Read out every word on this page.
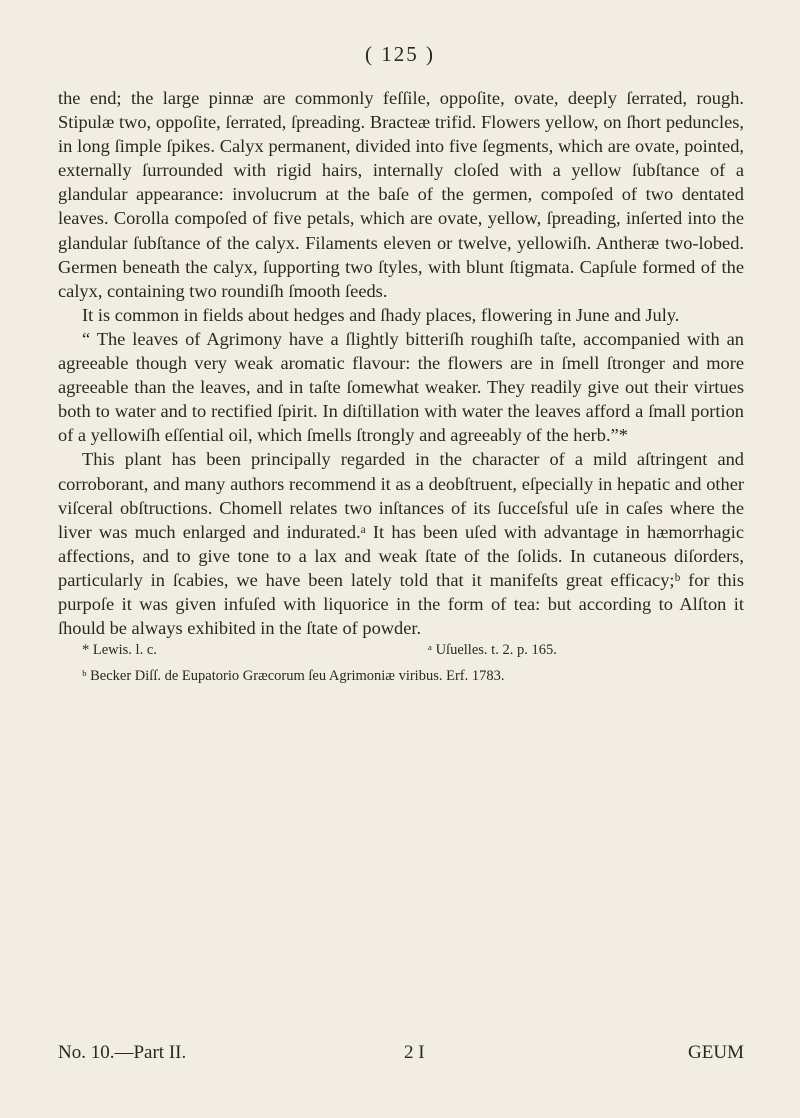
( 125 )

the end; the large pinnæ are commonly feſſile, oppoſite, ovate, deeply ſerrated, rough. Stipulæ two, oppoſite, ſerrated, ſpreading. Bracteæ trifid. Flowers yellow, on ſhort peduncles, in long ſimple ſpikes. Calyx permanent, divided into five ſegments, which are ovate, pointed, externally ſurrounded with rigid hairs, internally cloſed with a yellow ſubſtance of a glandular appearance: involucrum at the baſe of the germen, compoſed of two dentated leaves. Corolla compoſed of five petals, which are ovate, yellow, ſpreading, inſerted into the glandular ſubſtance of the calyx. Filaments eleven or twelve, yellowiſh. Antheræ two-lobed. Germen beneath the calyx, ſupporting two ſtyles, with blunt ſtigmata. Capſule formed of the calyx, containing two roundiſh ſmooth ſeeds.

It is common in fields about hedges and ſhady places, flowering in June and July.

“ The leaves of Agrimony have a ſlightly bitteriſh roughiſh taſte, accompanied with an agreeable though very weak aromatic flavour: the flowers are in ſmell ſtronger and more agreeable than the leaves, and in taſte ſomewhat weaker. They readily give out their virtues both to water and to rectified ſpirit. In diſtillation with water the leaves afford a ſmall portion of a yellowiſh eſſential oil, which ſmells ſtrongly and agreeably of the herb.”*

This plant has been principally regarded in the character of a mild aſtringent and corroborant, and many authors recommend it as a deobſtruent, eſpecially in hepatic and other viſceral obſtructions. Chomell relates two inſtances of its ſucceſsful uſe in caſes where the liver was much enlarged and indurated.ᵃ It has been uſed with advantage in hæmorrhagic affections, and to give tone to a lax and weak ſtate of the ſolids. In cutaneous diſorders, particularly in ſcabies, we have been lately told that it manifeſts great efficacy;ᵇ for this purpoſe it was given infuſed with liquorice in the form of tea: but according to Alſton it ſhould be always exhibited in the ſtate of powder.

* Lewis. l. c.	ᵃ Uſuelles. t. 2. p. 165.
ᵇ Becker Diſſ. de Eupatorio Græcorum ſeu Agrimoniæ viribus. Erf. 1783.
No. 10.—Part II.	2 I	GEUM
